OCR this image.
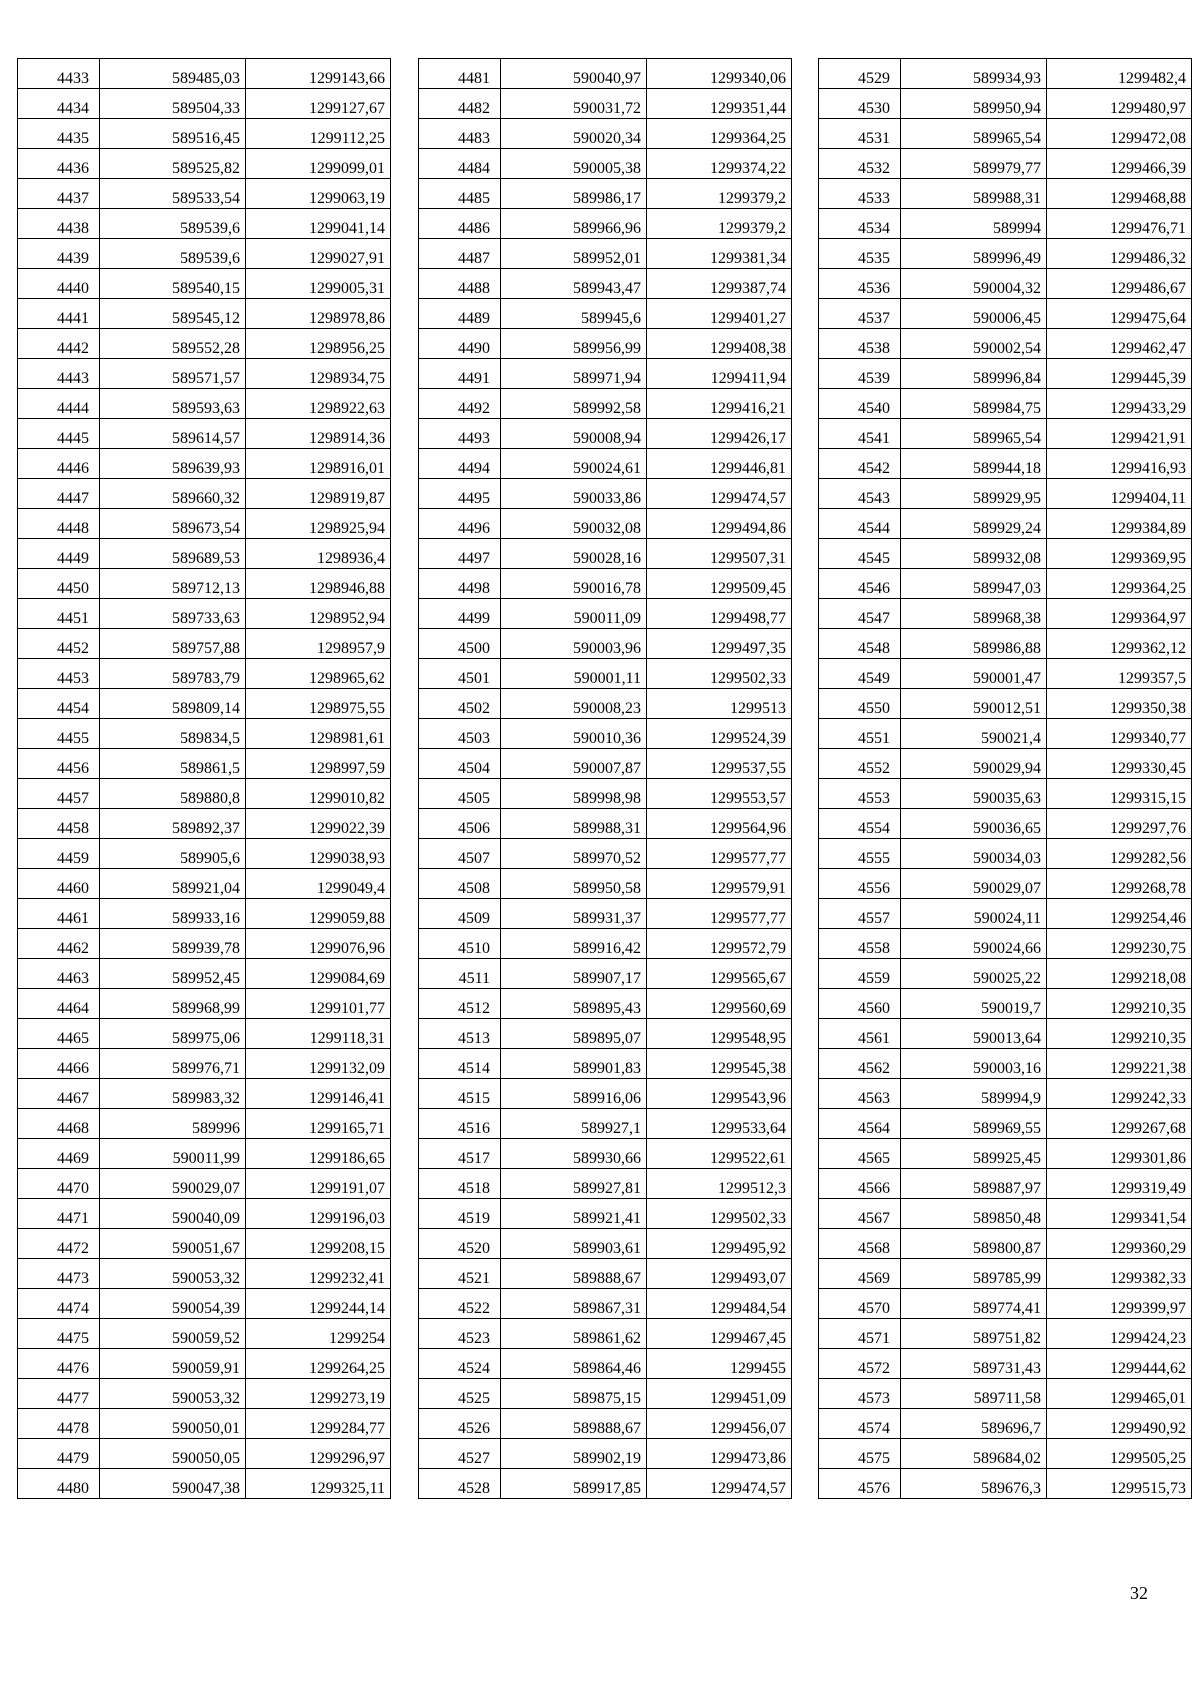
4433	589485,03	1299143,66
4434	589504,33	1299127,67
4435	589516,45	1299112,25
4436	589525,82	1299099,01
4437	589533,54	1299063,19
4438	589539,6	1299041,14
4439	589539,6	1299027,91
4440	589540,15	1299005,31
4441	589545,12	1298978,86
4442	589552,28	1298956,25
4443	589571,57	1298934,75
4444	589593,63	1298922,63
4445	589614,57	1298914,36
4446	589639,93	1298916,01
4447	589660,32	1298919,87
4448	589673,54	1298925,94
4449	589689,53	1298936,4
4450	589712,13	1298946,88
4451	589733,63	1298952,94
4452	589757,88	1298957,9
4453	589783,79	1298965,62
4454	589809,14	1298975,55
4455	589834,5	1298981,61
4456	589861,5	1298997,59
4457	589880,8	1299010,82
4458	589892,37	1299022,39
4459	589905,6	1299038,93
4460	589921,04	1299049,4
4461	589933,16	1299059,88
4462	589939,78	1299076,96
4463	589952,45	1299084,69
4464	589968,99	1299101,77
4465	589975,06	1299118,31
4466	589976,71	1299132,09
4467	589983,32	1299146,41
4468	589996	1299165,71
4469	590011,99	1299186,65
4470	590029,07	1299191,07
4471	590040,09	1299196,03
4472	590051,67	1299208,15
4473	590053,32	1299232,41
4474	590054,39	1299244,14
4475	590059,52	1299254
4476	590059,91	1299264,25
4477	590053,32	1299273,19
4478	590050,01	1299284,77
4479	590050,05	1299296,97
4480	590047,38	1299325,11
4481	590040,97	1299340,06
4482	590031,72	1299351,44
4483	590020,34	1299364,25
4484	590005,38	1299374,22
4485	589986,17	1299379,2
4486	589966,96	1299379,2
4487	589952,01	1299381,34
4488	589943,47	1299387,74
4489	589945,6	1299401,27
4490	589956,99	1299408,38
4491	589971,94	1299411,94
4492	589992,58	1299416,21
4493	590008,94	1299426,17
4494	590024,61	1299446,81
4495	590033,86	1299474,57
4496	590032,08	1299494,86
4497	590028,16	1299507,31
4498	590016,78	1299509,45
4499	590011,09	1299498,77
4500	590003,96	1299497,35
4501	590001,11	1299502,33
4502	590008,23	1299513
4503	590010,36	1299524,39
4504	590007,87	1299537,55
4505	589998,98	1299553,57
4506	589988,31	1299564,96
4507	589970,52	1299577,77
4508	589950,58	1299579,91
4509	589931,37	1299577,77
4510	589916,42	1299572,79
4511	589907,17	1299565,67
4512	589895,43	1299560,69
4513	589895,07	1299548,95
4514	589901,83	1299545,38
4515	589916,06	1299543,96
4516	589927,1	1299533,64
4517	589930,66	1299522,61
4518	589927,81	1299512,3
4519	589921,41	1299502,33
4520	589903,61	1299495,92
4521	589888,67	1299493,07
4522	589867,31	1299484,54
4523	589861,62	1299467,45
4524	589864,46	1299455
4525	589875,15	1299451,09
4526	589888,67	1299456,07
4527	589902,19	1299473,86
4528	589917,85	1299474,57
4529	589934,93	1299482,4
4530	589950,94	1299480,97
4531	589965,54	1299472,08
4532	589979,77	1299466,39
4533	589988,31	1299468,88
4534	589994	1299476,71
4535	589996,49	1299486,32
4536	590004,32	1299486,67
4537	590006,45	1299475,64
4538	590002,54	1299462,47
4539	589996,84	1299445,39
4540	589984,75	1299433,29
4541	589965,54	1299421,91
4542	589944,18	1299416,93
4543	589929,95	1299404,11
4544	589929,24	1299384,89
4545	589932,08	1299369,95
4546	589947,03	1299364,25
4547	589968,38	1299364,97
4548	589986,88	1299362,12
4549	590001,47	1299357,5
4550	590012,51	1299350,38
4551	590021,4	1299340,77
4552	590029,94	1299330,45
4553	590035,63	1299315,15
4554	590036,65	1299297,76
4555	590034,03	1299282,56
4556	590029,07	1299268,78
4557	590024,11	1299254,46
4558	590024,66	1299230,75
4559	590025,22	1299218,08
4560	590019,7	1299210,35
4561	590013,64	1299210,35
4562	590003,16	1299221,38
4563	589994,9	1299242,33
4564	589969,55	1299267,68
4565	589925,45	1299301,86
4566	589887,97	1299319,49
4567	589850,48	1299341,54
4568	589800,87	1299360,29
4569	589785,99	1299382,33
4570	589774,41	1299399,97
4571	589751,82	1299424,23
4572	589731,43	1299444,62
4573	589711,58	1299465,01
4574	589696,7	1299490,92
4575	589684,02	1299505,25
4576	589676,3	1299515,73
32
